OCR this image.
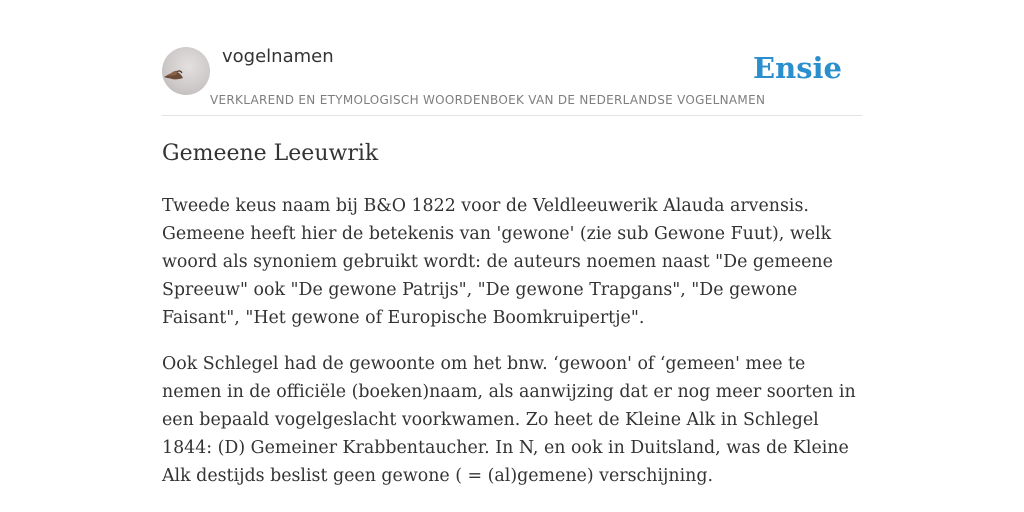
vogelnamen	Ensie
VERKLAREND EN ETYMOLOGISCH WOORDENBOEK VAN DE NEDERLANDSE VOGELNAMEN
Gemeene Leeuwrik

Tweede keus naam bij B&O 1822 voor de Veldleeuwerik Alauda arvensis. Gemeene heeft hier de betekenis van 'gewone' (zie sub Gewone Fuut), welk woord als synoniem gebruikt wordt: de auteurs noemen naast "De gemeene Spreeuw" ook "De gewone Patrijs", "De gewone Trapgans", "De gewone Faisant", "Het gewone of Europische Boomkruipertje".

Ook Schlegel had de gewoonte om het bnw. ‘gewoon' of ‘gemeen' mee te nemen in de officiële (boeken)naam, als aanwijzing dat er nog meer soorten in een bepaald vogelgeslacht voorkwamen. Zo heet de Kleine Alk in Schlegel 1844: (D) Gemeiner Krabbentaucher. In N, en ook in Duitsland, was de Kleine Alk destijds beslist geen gewone ( = (al)gemene) verschijning.
